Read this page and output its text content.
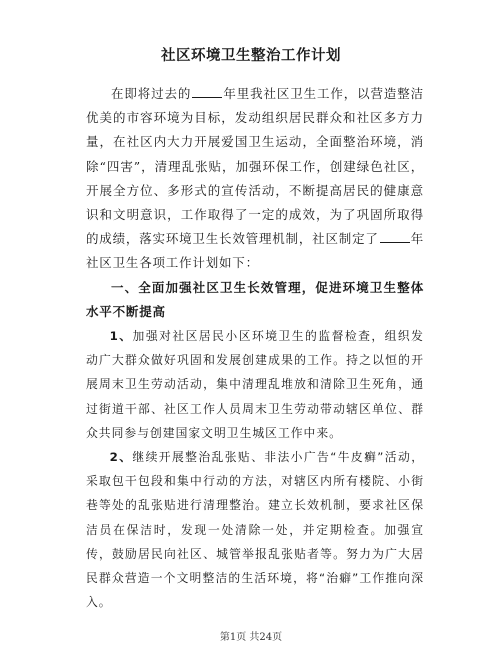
社区环境卫生整治工作计划

在即将过去的	年里我社区卫生工作，以营造整洁优美的市容环境为目标，发动组织居民群众和社区多方力量，在社区内大力开展爱国卫生运动，全面整治环境，消除“四害”，清理乱张贴，加强环保工作，创建绿色社区，开展全方位、多形式的宣传活动，不断提高居民的健康意识和文明意识，工作取得了一定的成效，为了巩固所取得的成绩，落实环境卫生长效管理机制，社区制定了	年社区卫生各项工作计划如下：

一、全面加强社区卫生长效管理，促进环境卫生整体水平不断提高

1、加强对社区居民小区环境卫生的监督检查，组织发动广大群众做好巩固和发展创建成果的工作。持之以恒的开展周末卫生劳动活动，集中清理乱堆放和清除卫生死角，通过街道干部、社区工作人员周末卫生劳动带动辖区单位、群众共同参与创建国家文明卫生城区工作中来。

2、继续开展整治乱张贴、非法小广告“牛皮癣”活动，采取包干包段和集中行动的方法，对辖区内所有楼院、小街巷等处的乱张贴进行清理整治。建立长效机制，要求社区保洁员在保洁时，发现一处清除一处，并定期检查。加强宣传，鼓励居民向社区、城管举报乱张贴者等。努力为广大居民群众营造一个文明整洁的生活环境，将“治癖”工作推向深入。

第1页 共24页
